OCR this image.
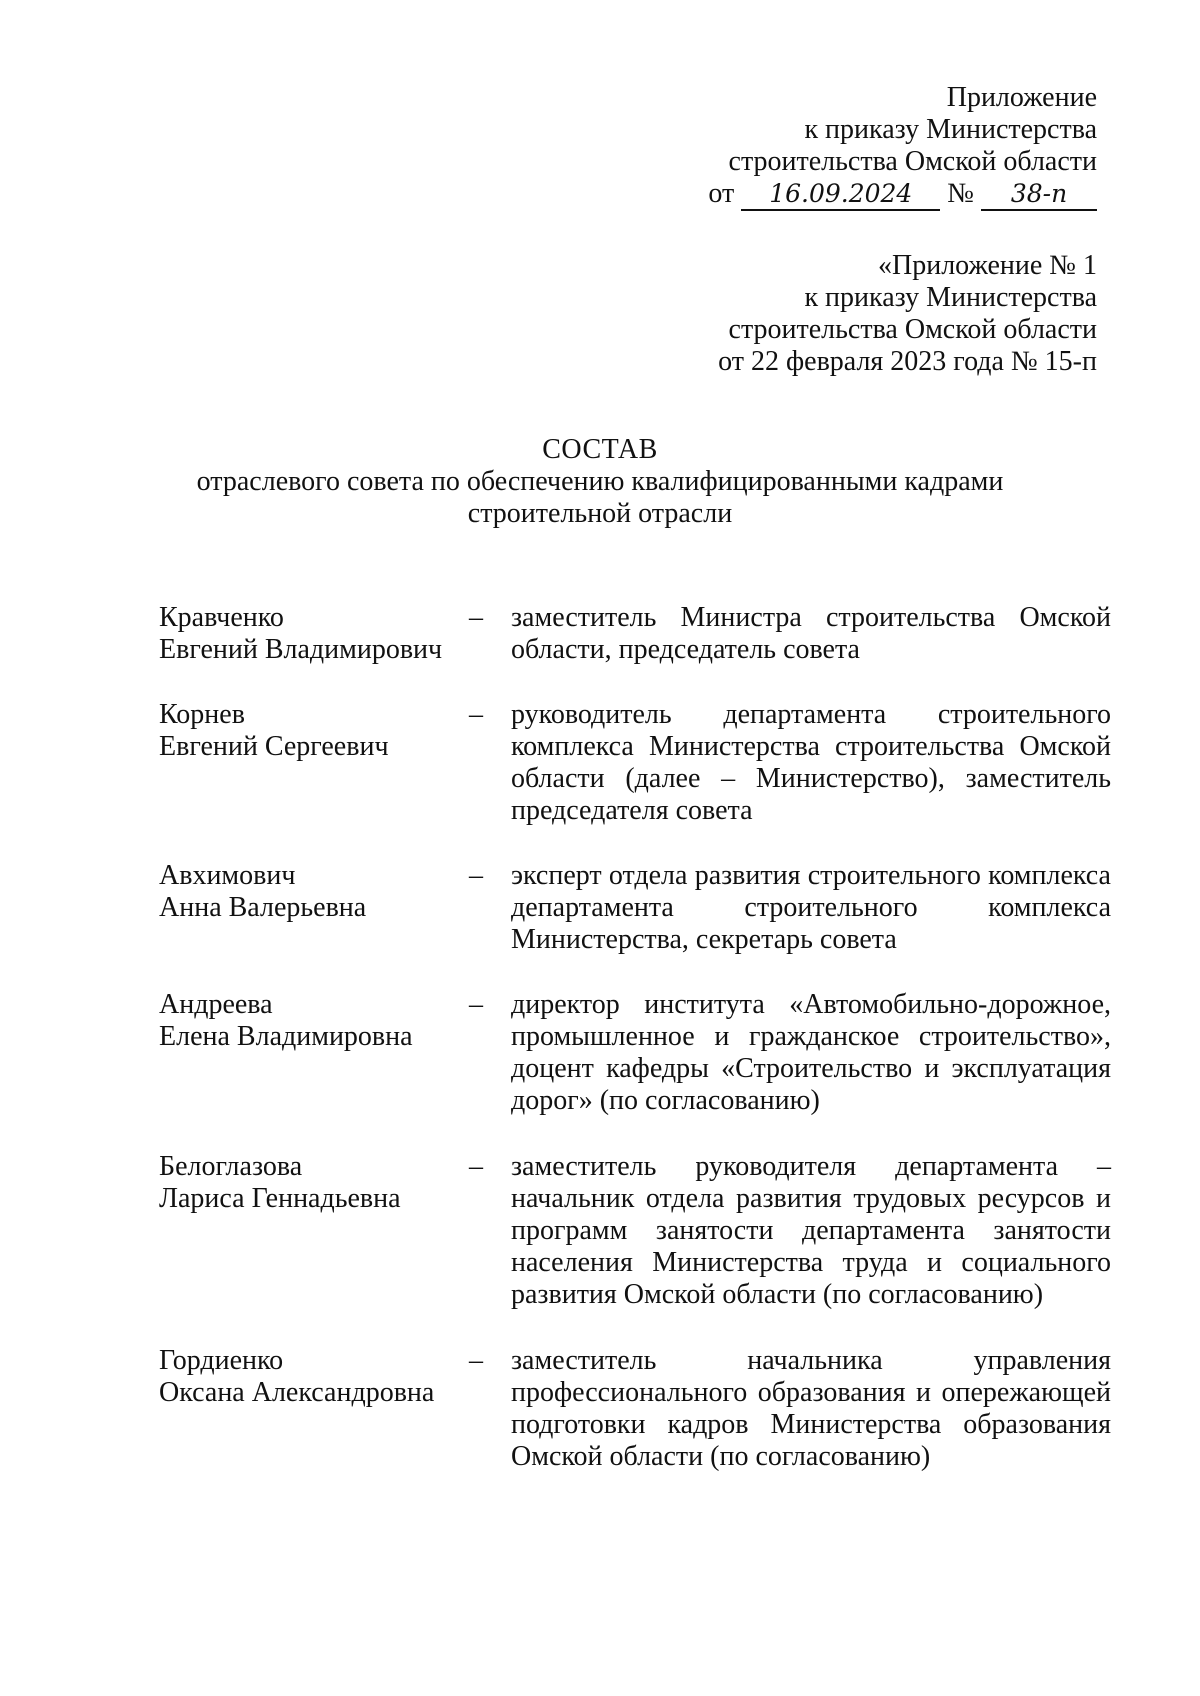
Приложение
к приказу Министерства
строительства Омской области
от 16.09.2024 № 38-п
«Приложение № 1
к приказу Министерства
строительства Омской области
от 22 февраля 2023 года № 15-п
СОСТАВ
отраслевого совета по обеспечению квалифицированными кадрами
строительной отрасли
Кравченко
Евгений Владимирович
–	заместитель Министра строительства Омской области, председатель совета
Корнев
Евгений Сергеевич
–	руководитель департамента строительного комплекса Министерства строительства Омской области (далее – Министерство), заместитель председателя совета
Авхимович
Анна Валерьевна
–	эксперт отдела развития строительного комплекса департамента строительного комплекса Министерства, секретарь совета
Андреева
Елена Владимировна
–	директор института «Автомобильно-дорожное, промышленное и гражданское строительство», доцент кафедры «Строительство и эксплуатация дорог» (по согласованию)
Белоглазова
Лариса Геннадьевна
–	заместитель руководителя департамента – начальник отдела развития трудовых ресурсов и программ занятости департамента занятости населения Министерства труда и социального развития Омской области (по согласованию)
Гордиенко
Оксана Александровна
–	заместитель начальника управления профессионального образования и опережающей подготовки кадров Министерства образования Омской области (по согласованию)
